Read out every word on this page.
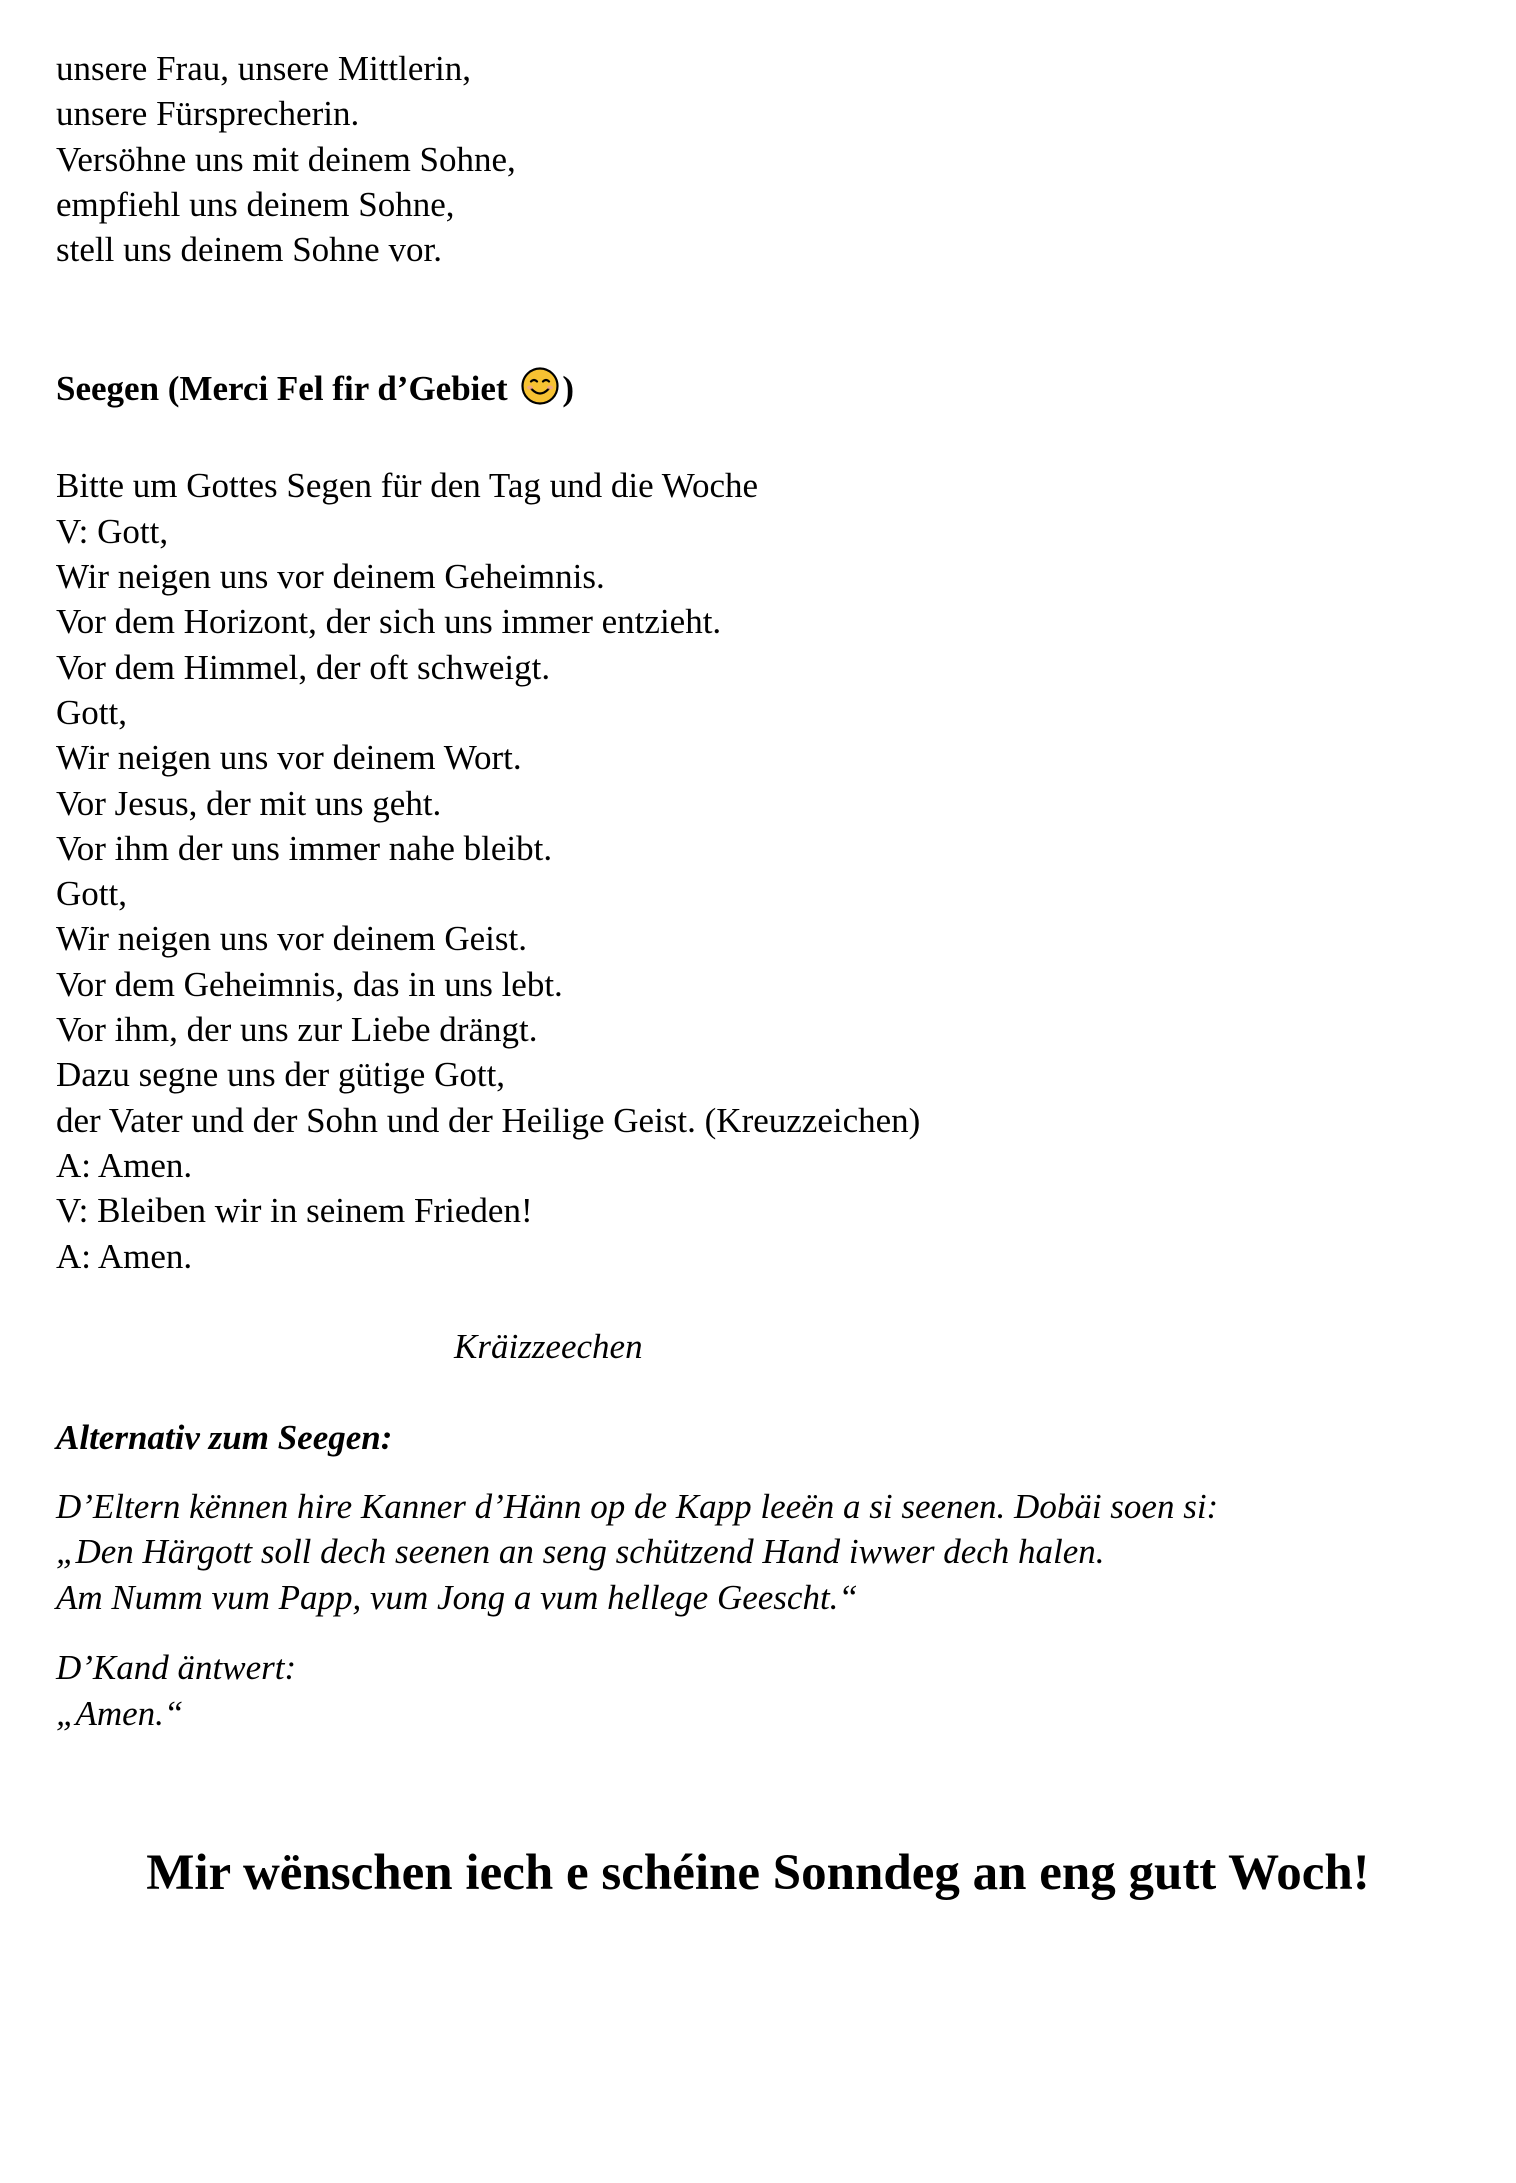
unsere Frau, unsere Mittlerin,

unsere Fürsprecherin.

Versöhne uns mit deinem Sohne,

empfiehl uns deinem Sohne,

stell uns deinem Sohne vor.

Seegen (Merci Fel fir d’Gebiet )

Bitte um Gottes Segen für den Tag und die Woche

V: Gott,

Wir neigen uns vor deinem Geheimnis.

Vor dem Horizont, der sich uns immer entzieht.

Vor dem Himmel, der oft schweigt.

Gott,

Wir neigen uns vor deinem Wort.

Vor Jesus, der mit uns geht.

Vor ihm der uns immer nahe bleibt.

Gott,

Wir neigen uns vor deinem Geist.

Vor dem Geheimnis, das in uns lebt.

Vor ihm, der uns zur Liebe drängt.

Dazu segne uns der gütige Gott,

der Vater und der Sohn und der Heilige Geist. (Kreuzzeichen)

A: Amen.

V: Bleiben wir in seinem Frieden!

A: Amen.

Kräizzeechen
Alternativ zum Seegen:

D’Eltern kënnen hire Kanner d’Hänn op de Kapp leeën a si seenen. Dobäi soen si:

„Den Härgott soll dech seenen an seng schützend Hand iwwer dech halen.

Am Numm vum Papp, vum Jong a vum hellege Geescht.“

D’Kand äntwert:

„Amen.“

Mir wënschen iech e schéine Sonndeg an eng gutt Woch!
